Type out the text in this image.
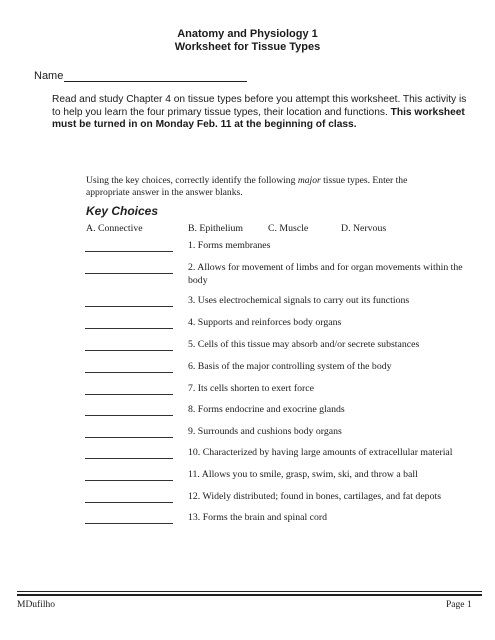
Anatomy and Physiology 1
Worksheet for Tissue Types
Name
Read and study Chapter 4 on tissue types before you attempt this worksheet. This activity is to help you learn the four primary tissue types, their location and functions. This worksheet must be turned in on Monday Feb. 11 at the beginning of class.
Using the key choices, correctly identify the following major tissue types. Enter the appropriate answer in the answer blanks.
Key Choices
A. Connective	B. Epithelium	C. Muscle	D. Nervous
1. Forms membranes
2. Allows for movement of limbs and for organ movements within the body
3. Uses electrochemical signals to carry out its functions
4. Supports and reinforces body organs
5. Cells of this tissue may absorb and/or secrete substances
6. Basis of the major controlling system of the body
7. Its cells shorten to exert force
8. Forms endocrine and exocrine glands
9. Surrounds and cushions body organs
10. Characterized by having large amounts of extracellular material
11. Allows you to smile, grasp, swim, ski, and throw a ball
12. Widely distributed; found in bones, cartilages, and fat depots
13. Forms the brain and spinal cord
MDufilho	Page 1
